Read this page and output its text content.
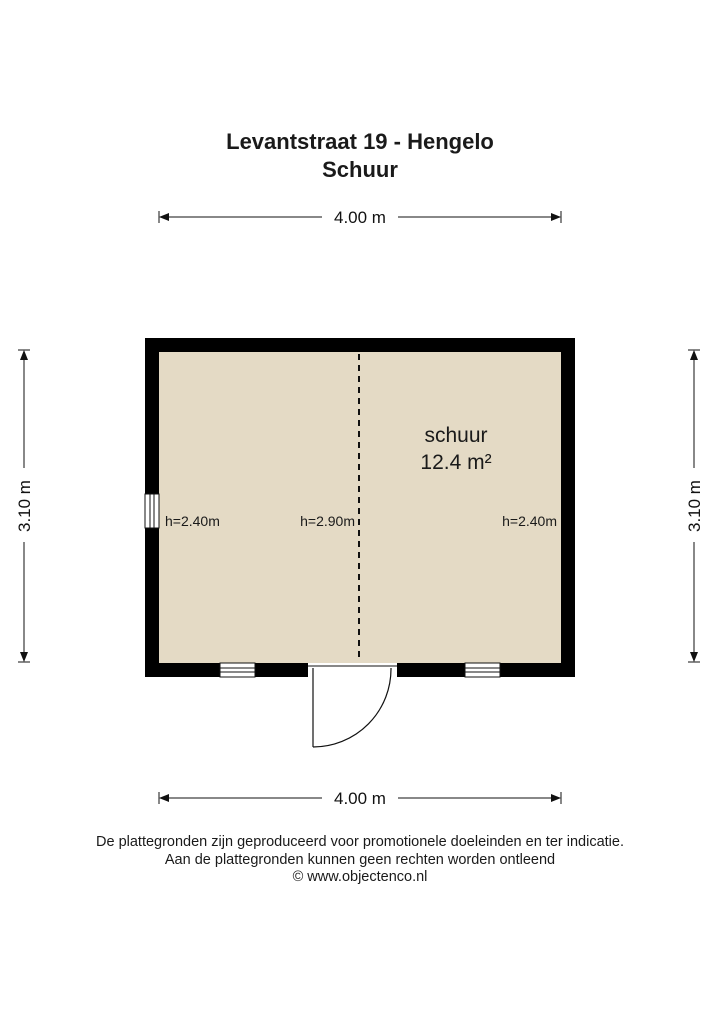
Levantstraat 19 - Hengelo
Schuur
4.00 m
4.00 m
3.10 m	3.10 m
schuur
12.4 m²
h=2.40m	h=2.90m	h=2.40m
De plattegronden zijn geproduceerd voor promotionele doeleinden en ter indicatie.
Aan de plattegronden kunnen geen rechten worden ontleend
© www.objectenco.nl
